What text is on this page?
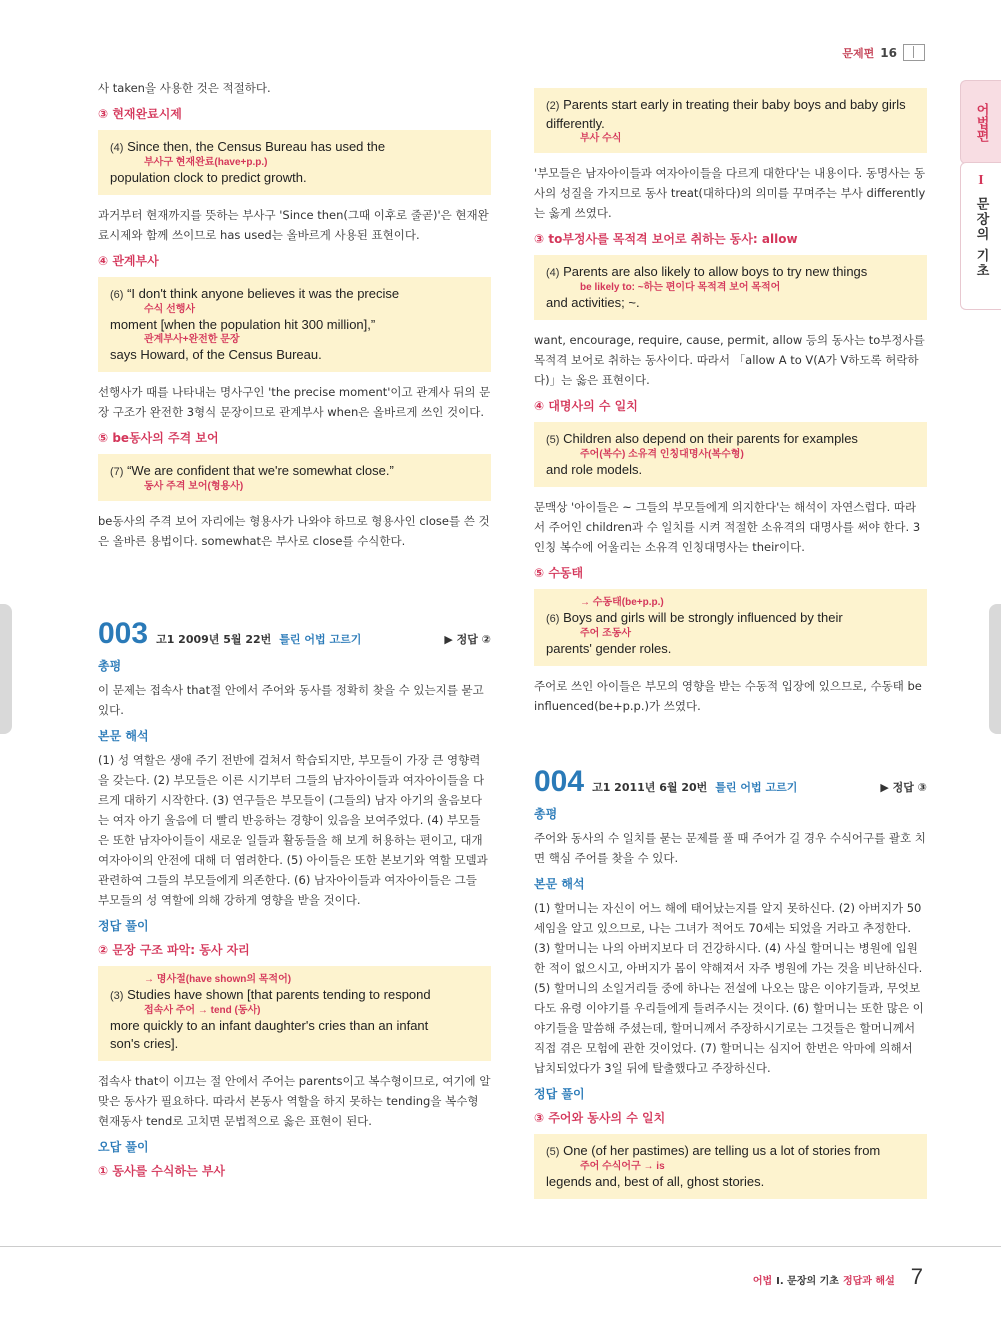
문제편 16
어법편
I
문장의 기초

사 taken을 사용한 것은 적절하다.

③ 현재완료시제
(4) Since then, the Census Bureau has used the
부사구 현재완료(have+p.p.)
population clock to predict growth.

과거부터 현재까지를 뜻하는 부사구 'Since then(그때 이후로 줄곧)'은 현재완료시제와 함께 쓰이므로 has used는 올바르게 사용된 표현이다.

④ 관계부사
(6) “I don't think anyone believes it was the precise
수식 선행사
moment [when the population hit 300 million],”
관계부사+완전한 문장
says Howard, of the Census Bureau.

선행사가 때를 나타내는 명사구인 'the precise moment'이고 관계사 뒤의 문장 구조가 완전한 3형식 문장이므로 관계부사 when은 올바르게 쓰인 것이다.

⑤ be동사의 주격 보어
(7) “We are confident that we're somewhat close.”
동사 주격 보어(형용사)

be동사의 주격 보어 자리에는 형용사가 나와야 하므로 형용사인 close를 쓴 것은 올바른 용법이다. somewhat은 부사로 close를 수식한다.

003 고1 2009년 5월 22번 틀린 어법 고르기	▶ 정답 ②
총평

이 문제는 접속사 that절 안에서 주어와 동사를 정확히 찾을 수 있는지를 묻고 있다.

본문 해석

(1) 성 역할은 생애 주기 전반에 걸쳐서 학습되지만, 부모들이 가장 큰 영향력을 갖는다. (2) 부모들은 이른 시기부터 그들의 남자아이들과 여자아이들을 다르게 대하기 시작한다. (3) 연구들은 부모들이 (그들의) 남자 아기의 울음보다는 여자 아기 울음에 더 빨리 반응하는 경향이 있음을 보여주었다. (4) 부모들은 또한 남자아이들이 새로운 일들과 활동들을 해 보게 허용하는 편이고, 대개 여자아이의 안전에 대해 더 염려한다. (5) 아이들은 또한 본보기와 역할 모델과 관련하여 그들의 부모들에게 의존한다. (6) 남자아이들과 여자아이들은 그들 부모들의 성 역할에 의해 강하게 영향을 받을 것이다.

정답 풀이
② 문장 구조 파악: 동사 자리
→ 명사절(have shown의 목적어)
(3) Studies have shown [that parents tending to respond
접속사 주어 → tend (동사)
more quickly to an infant daughter's cries than an infant
son's cries].

접속사 that이 이끄는 절 안에서 주어는 parents이고 복수형이므로, 여기에 알맞은 동사가 필요하다. 따라서 본동사 역할을 하지 못하는 tending을 복수형 현재동사 tend로 고치면 문법적으로 옳은 표현이 된다.

오답 풀이
① 동사를 수식하는 부사
(2) Parents start early in treating their baby boys and baby girls differently.
부사 수식

'부모들은 남자아이들과 여자아이들을 다르게 대한다'는 내용이다. 동명사는 동사의 성질을 가지므로 동사 treat(대하다)의 의미를 꾸며주는 부사 differently는 옳게 쓰였다.

③ to부정사를 목적격 보어로 취하는 동사: allow
(4) Parents are also likely to allow boys to try new things
be likely to: ~하는 편이다 목적격 보어 목적어
and activities; ~.

want, encourage, require, cause, permit, allow 등의 동사는 to부정사를 목적격 보어로 취하는 동사이다. 따라서 「allow A to V(A가 V하도록 허락하다)」는 옳은 표현이다.

④ 대명사의 수 일치
(5) Children also depend on their parents for examples
주어(복수) 소유격 인칭대명사(복수형)
and role models.

문맥상 '아이들은 ~ 그들의 부모들에게 의지한다'는 해석이 자연스럽다. 따라서 주어인 children과 수 일치를 시켜 적절한 소유격의 대명사를 써야 한다. 3인칭 복수에 어울리는 소유격 인칭대명사는 their이다.

⑤ 수동태
→ 수동태(be+p.p.)
(6) Boys and girls will be strongly influenced by their
주어 조동사
parents' gender roles.

주어로 쓰인 아이들은 부모의 영향을 받는 수동적 입장에 있으므로, 수동태 be influenced(be+p.p.)가 쓰였다.

004 고1 2011년 6월 20번 틀린 어법 고르기	▶ 정답 ③
총평

주어와 동사의 수 일치를 묻는 문제를 풀 때 주어가 길 경우 수식어구를 괄호 치면 핵심 주어를 찾을 수 있다.

본문 해석

(1) 할머니는 자신이 어느 해에 태어났는지를 알지 못하신다. (2) 아버지가 50세임을 알고 있으므로, 나는 그녀가 적어도 70세는 되었을 거라고 추정한다. (3) 할머니는 나의 아버지보다 더 건강하시다. (4) 사실 할머니는 병원에 입원한 적이 없으시고, 아버지가 몸이 약해져서 자주 병원에 가는 것을 비난하신다. (5) 할머니의 소일거리들 중에 하나는 전설에 나오는 많은 이야기들과, 무엇보다도 유령 이야기를 우리들에게 들려주시는 것이다. (6) 할머니는 또한 많은 이야기들을 말씀해 주셨는데, 할머니께서 주장하시기로는 그것들은 할머니께서 직접 겪은 모험에 관한 것이었다. (7) 할머니는 심지어 한번은 악마에 의해서 납치되었다가 3일 뒤에 탈출했다고 주장하신다.

정답 풀이
③ 주어와 동사의 수 일치
(5) One (of her pastimes) are telling us a lot of stories from
주어 수식어구 → is
legends and, best of all, ghost stories.
어법 I. 문장의 기초 정답과 해설 7
